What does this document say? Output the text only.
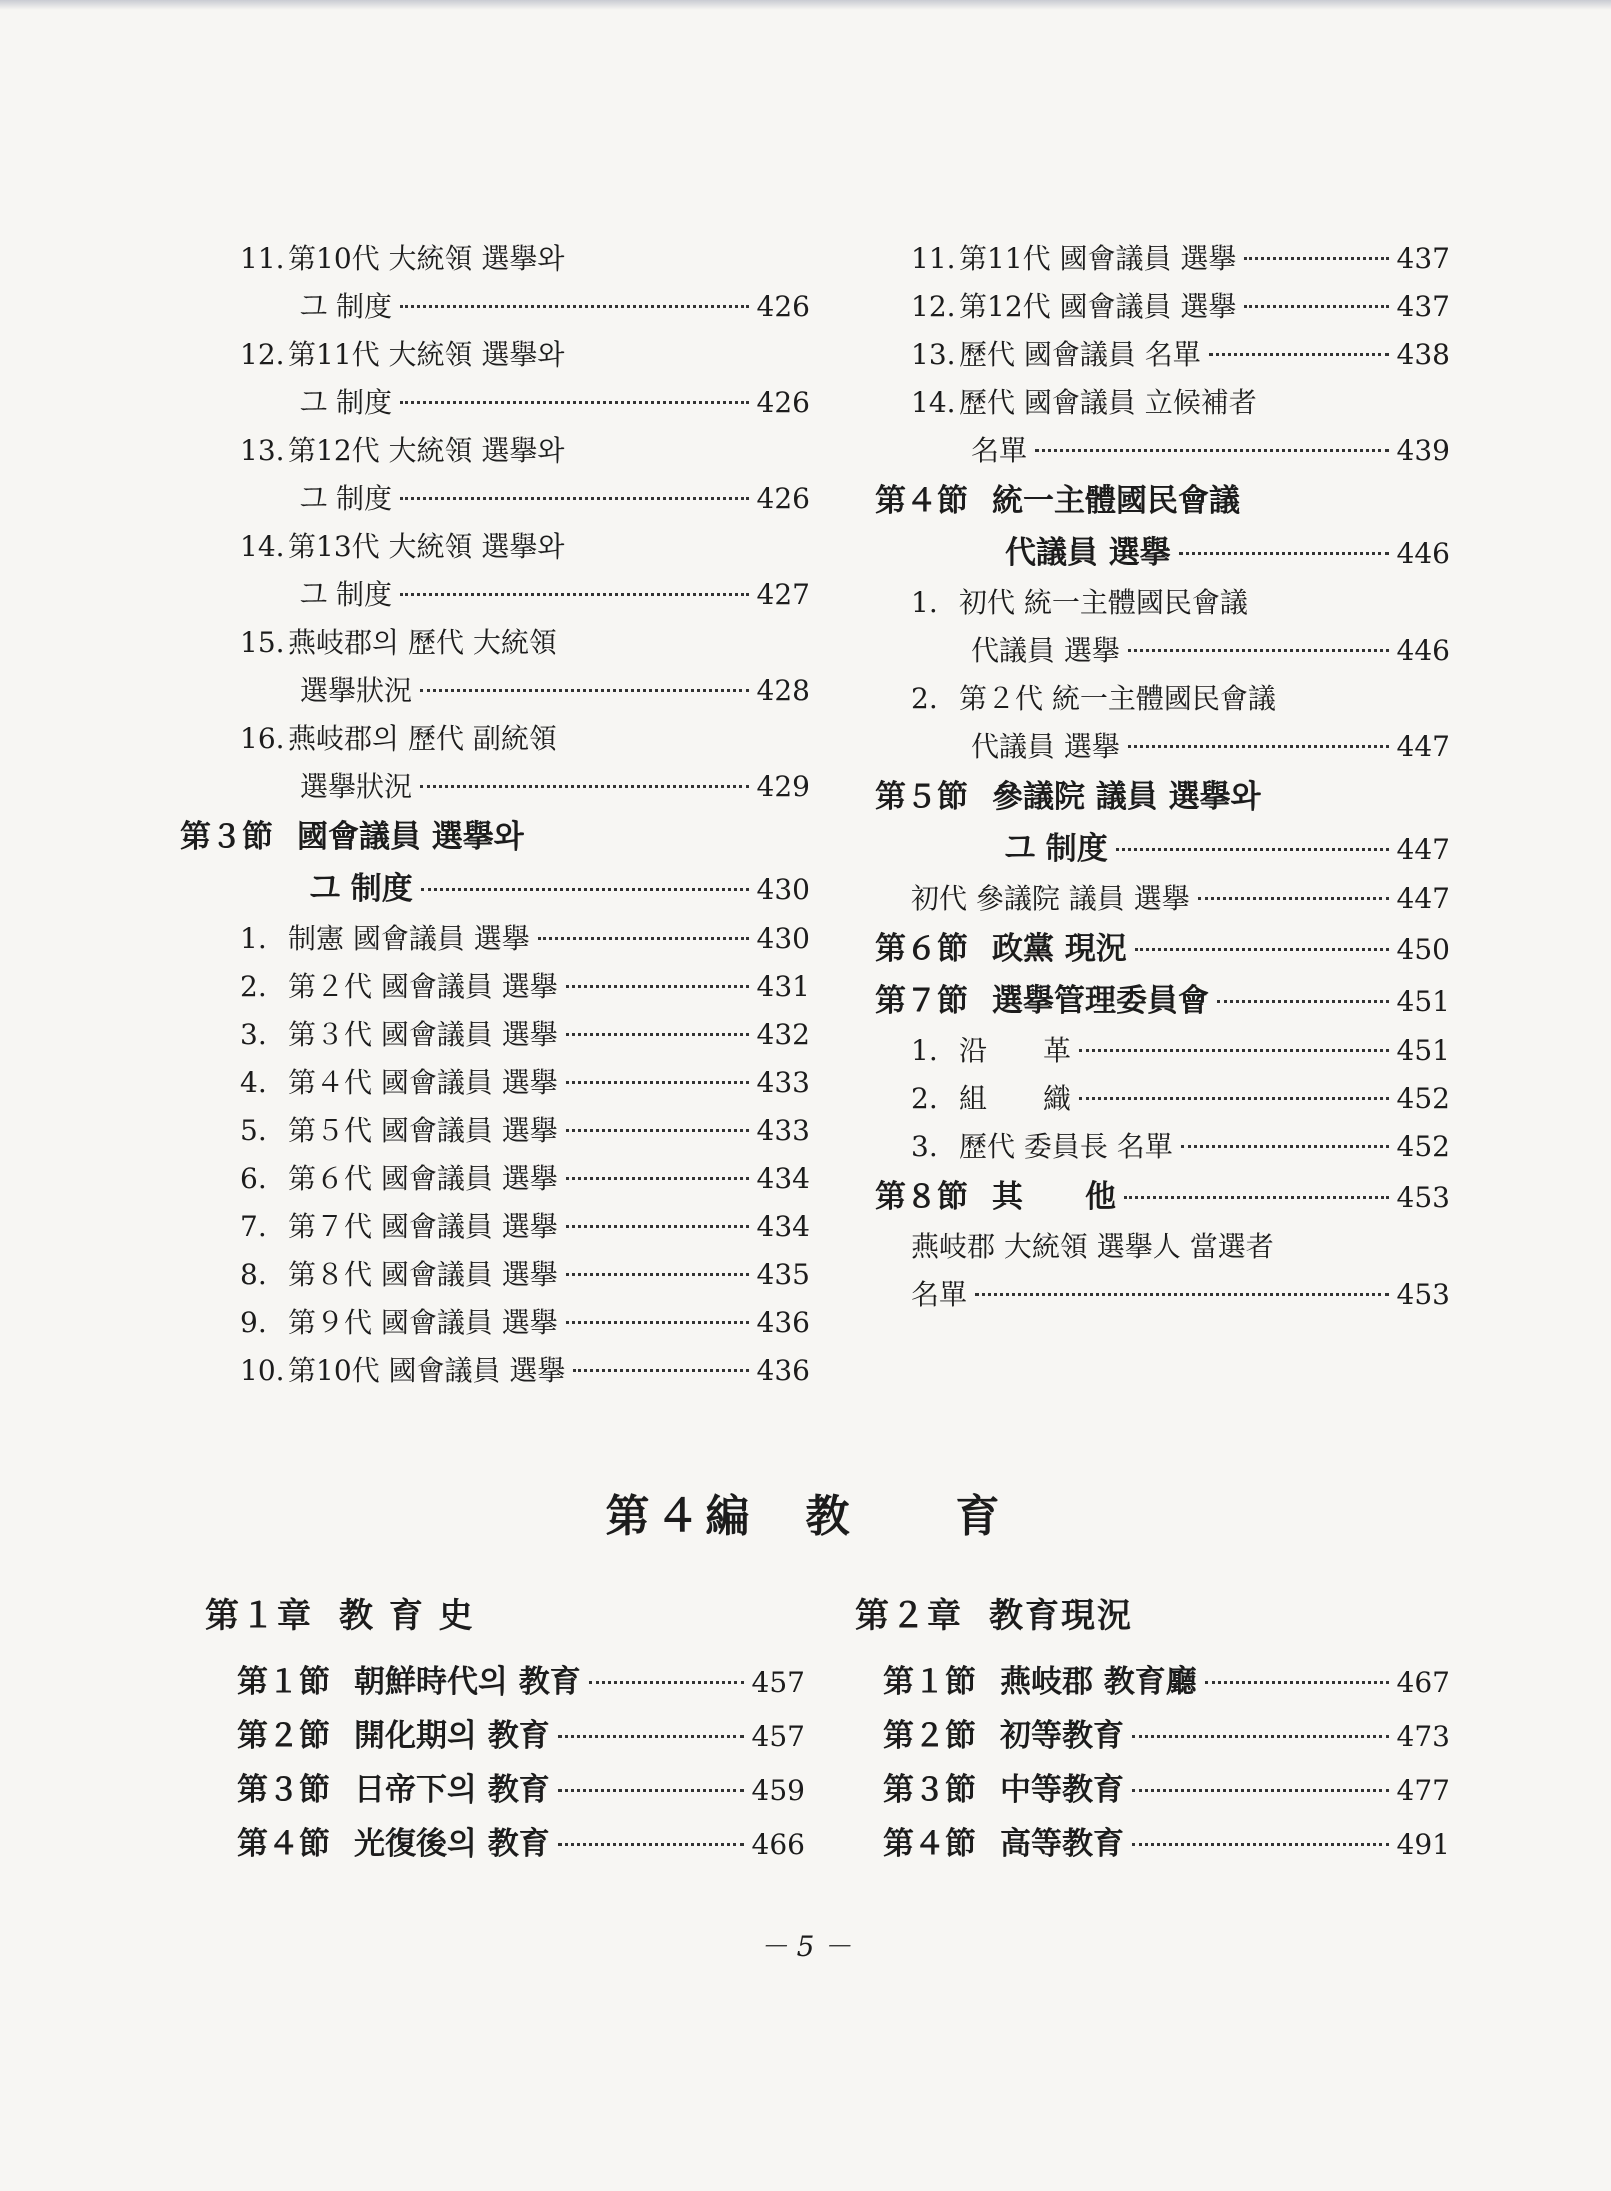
11. 第10代 大統領 選擧와
그 制度	426
12. 第11代 大統領 選擧와
그 制度	426
13. 第12代 大統領 選擧와
그 制度	426
14. 第13代 大統領 選擧와
그 制度	427
15. 燕岐郡의 歷代 大統領
選擧狀況	428
16. 燕岐郡의 歷代 副統領
選擧狀況	429
第３節 國會議員 選擧와
그 制度	430
1. 制憲 國會議員 選擧	430
2. 第２代 國會議員 選擧	431
3. 第３代 國會議員 選擧	432
4. 第４代 國會議員 選擧	433
5. 第５代 國會議員 選擧	433
6. 第６代 國會議員 選擧	434
7. 第７代 國會議員 選擧	434
8. 第８代 國會議員 選擧	435
9. 第９代 國會議員 選擧	436
10. 第10代 國會議員 選擧	436
11. 第11代 國會議員 選擧	437
12. 第12代 國會議員 選擧	437
13. 歷代 國會議員 名單	438
14. 歷代 國會議員 立候補者
名單	439
第４節 統一主體國民會議
代議員 選擧	446
1. 初代 統一主體國民會議
代議員 選擧	446
2. 第２代 統一主體國民會議
代議員 選擧	447
第５節 參議院 議員 選擧와
그 制度	447
初代 參議院 議員 選擧	447
第６節 政黨 現況	450
第７節 選擧管理委員會	451
1. 沿　　革	451
2. 組　　織	452
3. 歷代 委員長 名單	452
第８節 其　　他	453
燕岐郡 大統領 選擧人 當選者
名單	453
第４編　教　　育
第１章 教 育 史
第１節 朝鮮時代의 教育	457
第２節 開化期의 教育	457
第３節 日帝下의 教育	459
第４節 光復後의 教育	466
第２章 教育現況
第１節 燕岐郡 教育廳	467
第２節 初等教育	473
第３節 中等教育	477
第４節 高等教育	491
－ 5 －
